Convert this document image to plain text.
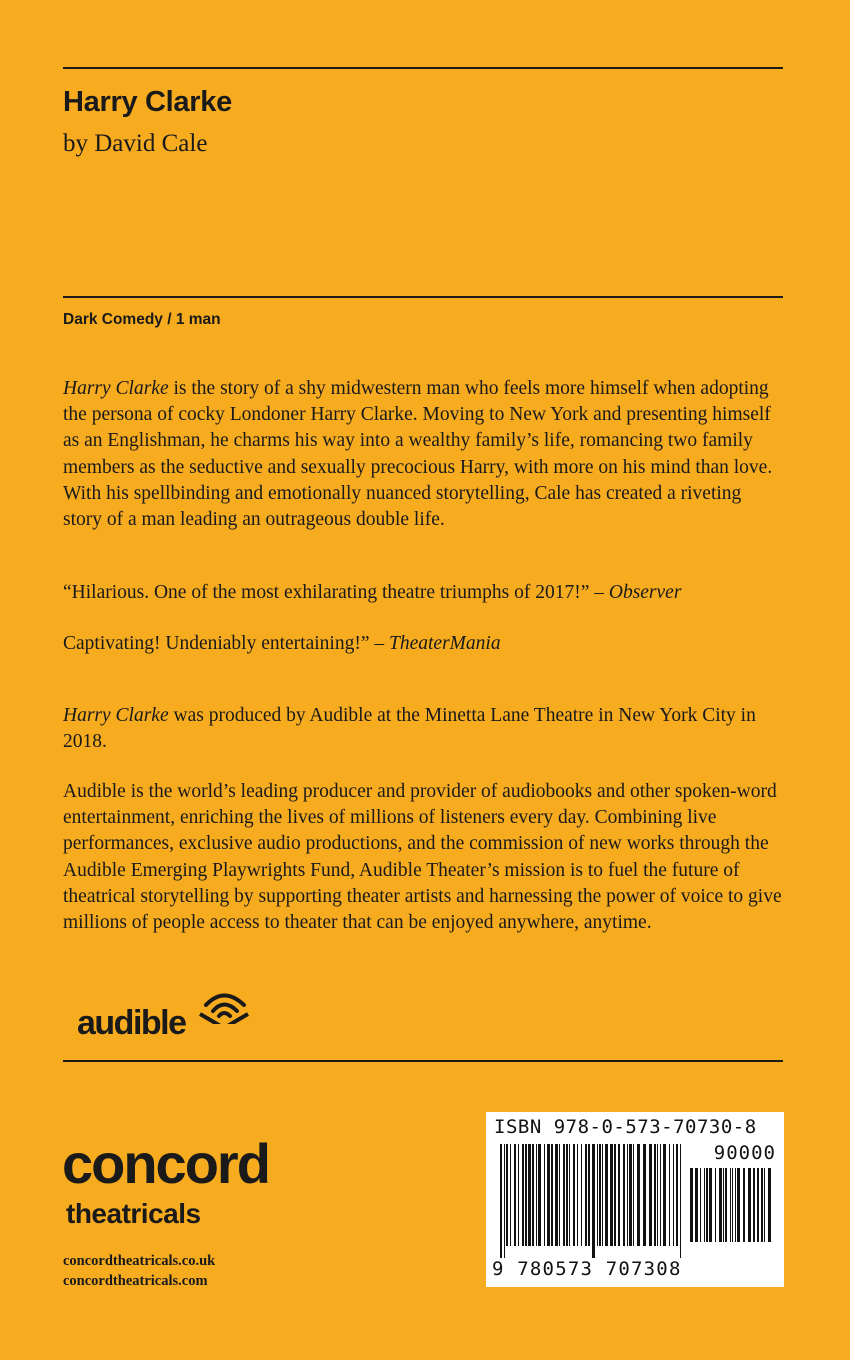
Harry Clarke
by David Cale
Dark Comedy / 1 man

Harry Clarke is the story of a shy midwestern man who feels more himself when adopting the persona of cocky Londoner Harry Clarke. Moving to New York and presenting himself as an Englishman, he charms his way into a wealthy family’s life, romancing two family members as the seductive and sexually precocious Harry, with more on his mind than love. With his spellbinding and emotionally nuanced storytelling, Cale has created a riveting story of a man leading an outrageous double life.

“Hilarious. One of the most exhilarating theatre triumphs of 2017!” – Observer

Captivating! Undeniably entertaining!” – TheaterMania

Harry Clarke was produced by Audible at the Minetta Lane Theatre in New York City in 2018.

Audible is the world’s leading producer and provider of audiobooks and other spoken-word entertainment, enriching the lives of millions of listeners every day. Combining live performances, exclusive audio productions, and the commission of new works through the Audible Emerging Playwrights Fund, Audible Theater’s mission is to fuel the future of theatrical storytelling by supporting theater artists and harnessing the power of voice to give millions of people access to theater that can be enjoyed anywhere, anytime.

audible
concord
theatricals
concordtheatricals.co.uk
concordtheatricals.com
ISBN 978-0-573-70730-8
90000
9 780573 707308
